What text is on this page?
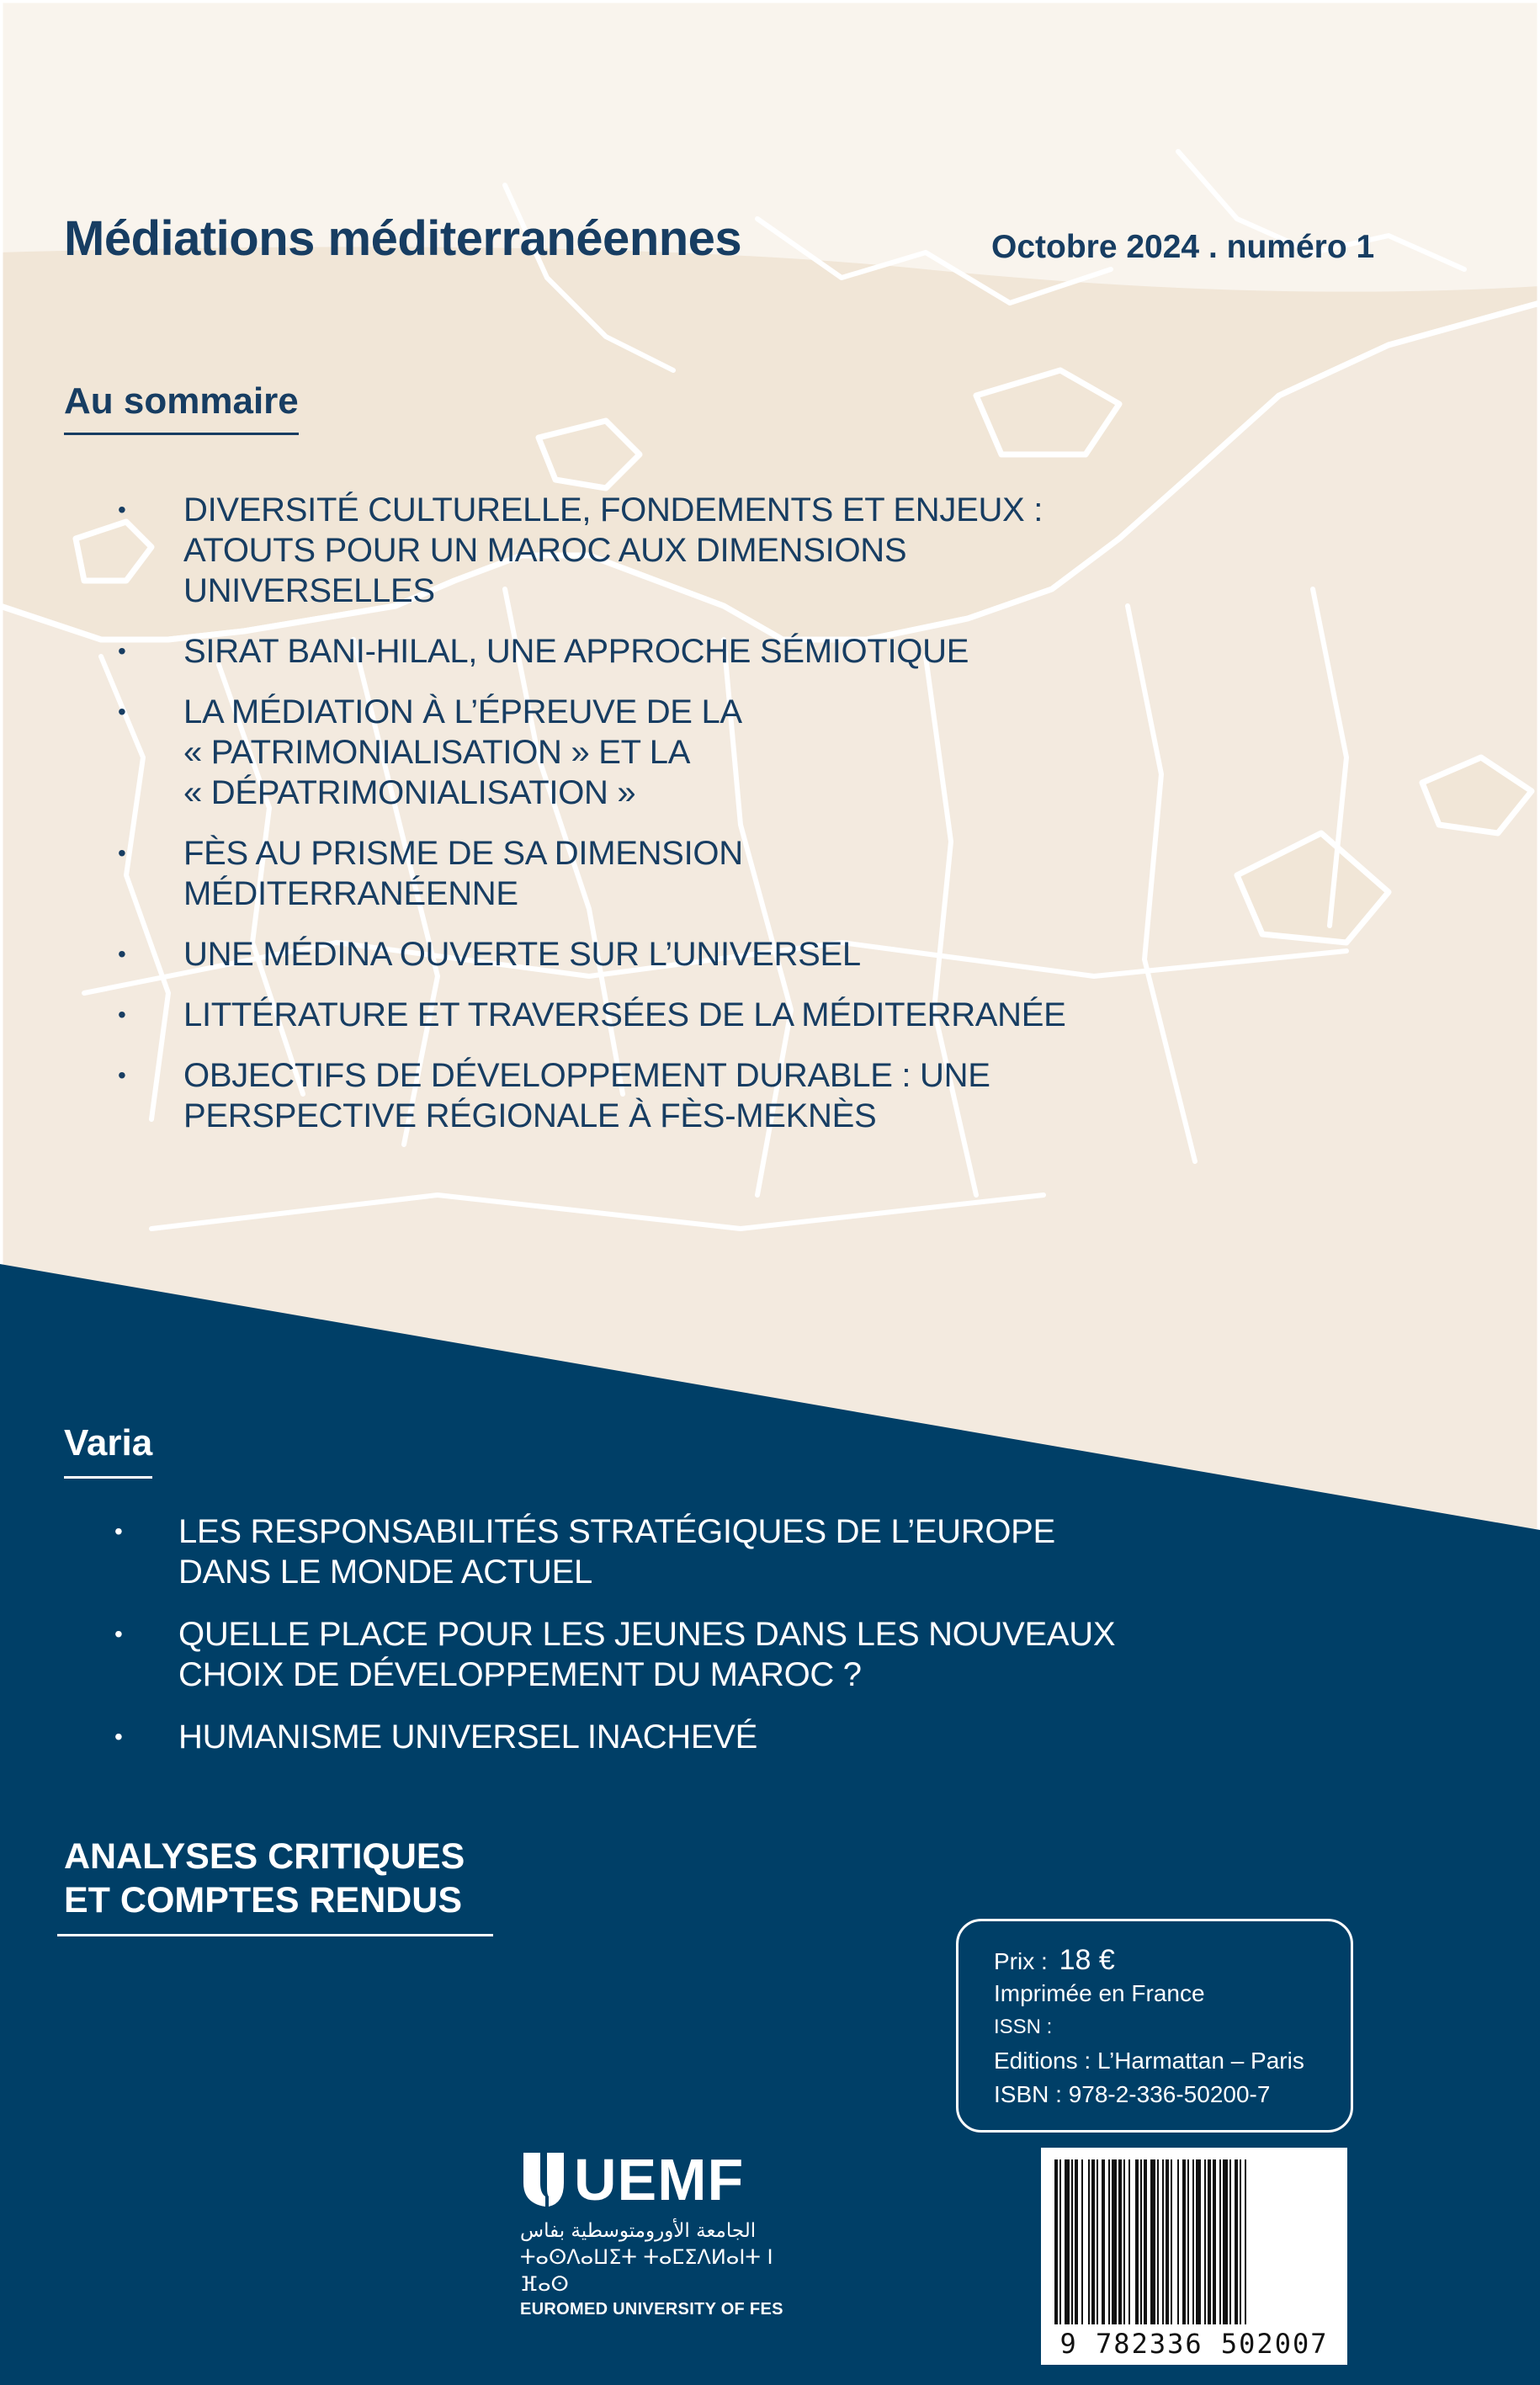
Médiations méditerranéennes	Octobre 2024 . numéro 1
Au sommaire
• DIVERSITÉ CULTURELLE, FONDEMENTS ET ENJEUX :
ATOUTS POUR UN MAROC AUX DIMENSIONS
UNIVERSELLES
• SIRAT BANI-HILAL, UNE APPROCHE SÉMIOTIQUE
• LA MÉDIATION À L’ÉPREUVE DE LA
« PATRIMONIALISATION » ET LA
« DÉPATRIMONIALISATION »
• FÈS AU PRISME DE SA DIMENSION
MÉDITERRANÉENNE
• UNE MÉDINA OUVERTE SUR L’UNIVERSEL
• LITTÉRATURE ET TRAVERSÉES DE LA MÉDITERRANÉE
• OBJECTIFS DE DÉVELOPPEMENT DURABLE : UNE
PERSPECTIVE RÉGIONALE À FÈS-MEKNÈS
Varia
• LES RESPONSABILITÉS STRATÉGIQUES DE L’EUROPE
DANS LE MONDE ACTUEL
• QUELLE PLACE POUR LES JEUNES DANS LES NOUVEAUX
CHOIX DE DÉVELOPPEMENT DU MAROC ?
• HUMANISME UNIVERSEL INACHEVÉ
ANALYSES CRITIQUES
ET COMPTES RENDUS
Prix : 18 €
Imprimée en France
ISSN :
Editions : L’Harmattan – Paris
ISBN : 978-2-336-50200-7
9 782336 502007
UEMF
الجامعة الأورومتوسطية بفاس
ⵜⴰⵙⴷⴰⵡⵉⵜ ⵜⴰⵎⵉⴷⵍⴰⵏⵜ ⵏ ⴼⴰⵙ
EUROMED UNIVERSITY OF FES
